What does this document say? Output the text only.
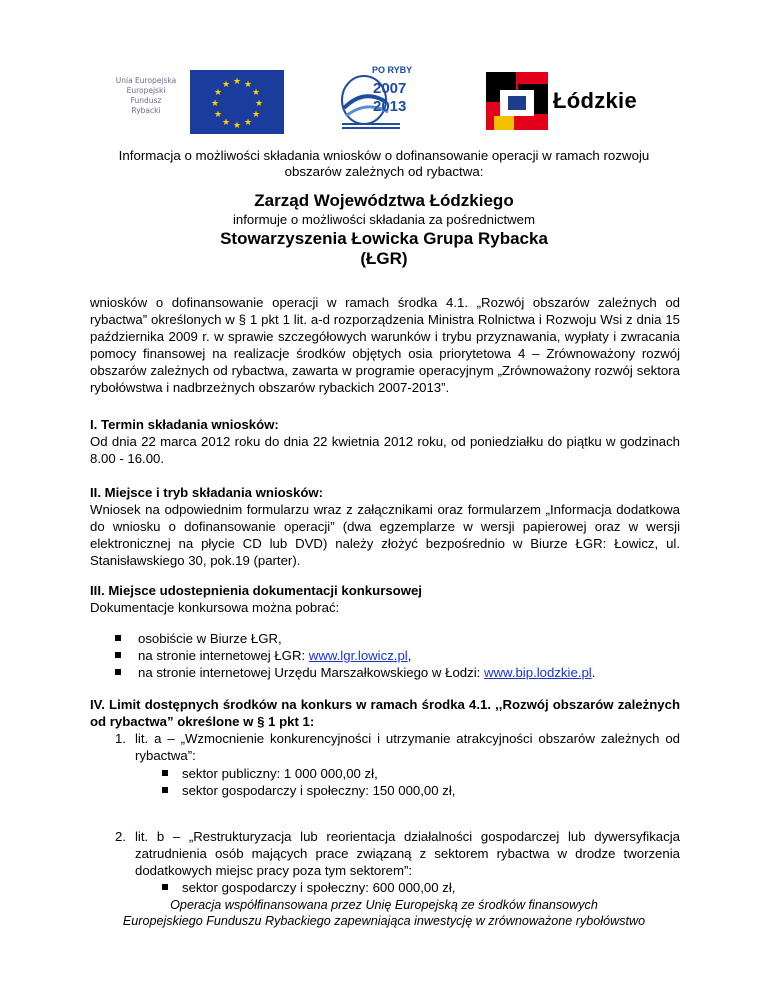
Unia Europejska
Europejski
Fundusz
Rybacki
★ ★
★
★
★
★
★
★
★
★
★
★
PO RYBY
2007
2013	Łódzkie
Informacja o możliwości składania wniosków o dofinansowanie operacji w ramach rozwoju obszarów zależnych od rybactwa:
Zarząd Województwa Łódzkiego
informuje o możliwości składania za pośrednictwem
Stowarzyszenia Łowicka Grupa Rybacka
(ŁGR)
wniosków o dofinansowanie operacji w ramach środka 4.1. „Rozwój obszarów zależnych od rybactwa” określonych w § 1 pkt 1 lit. a-d rozporządzenia Ministra Rolnictwa i Rozwoju Wsi z dnia 15 października 2009 r. w sprawie szczegółowych warunków i trybu przyznawania, wypłaty i zwracania pomocy finansowej na realizacje środków objętych osia priorytetowa 4 – Zrównoważony rozwój obszarów zależnych od rybactwa, zawarta w programie operacyjnym „Zrównoważony rozwój sektora rybołówstwa i nadbrzeżnych obszarów rybackich 2007-2013”.
I. Termin składania wniosków:
Od dnia 22 marca 2012 roku do dnia 22 kwietnia 2012 roku, od poniedziałku do piątku w godzinach 8.00 - 16.00.
II. Miejsce i tryb składania wniosków:
Wniosek na odpowiednim formularzu wraz z załącznikami oraz formularzem „Informacja dodatkowa do wniosku o dofinansowanie operacji” (dwa egzemplarze w wersji papierowej oraz w wersji elektronicznej na płycie CD lub DVD) należy złożyć bezpośrednio w Biurze ŁGR: Łowicz, ul. Stanisławskiego 30, pok.19 (parter).
III. Miejsce udostepnienia dokumentacji konkursowej
Dokumentacje konkursowa można pobrać:
osobiście w Biurze ŁGR,
na stronie internetowej ŁGR: www.lgr.lowicz.pl,
na stronie internetowej Urzędu Marszałkowskiego w Łodzi: www.bip.lodzkie.pl.
IV. Limit dostępnych środków na konkurs w ramach środka 4.1. ,,Rozwój obszarów zależnych od rybactwa” określone w § 1 pkt 1:
1. lit. a – „Wzmocnienie konkurencyjności i utrzymanie atrakcyjności obszarów zależnych od rybactwa”:
sektor publiczny: 1 000 000,00 zł,
sektor gospodarczy i społeczny: 150 000,00 zł,
2. lit. b – „Restrukturyzacja lub reorientacja działalności gospodarczej lub dywersyfikacja zatrudnienia osób mających prace związaną z sektorem rybactwa w drodze tworzenia dodatkowych miejsc pracy poza tym sektorem”:
sektor gospodarczy i społeczny: 600 000,00 zł,
Operacja współfinansowana przez Unię Europejską ze środków finansowych
Europejskiego Funduszu Rybackiego zapewniająca inwestycję w zrównoważone rybołówstwo
